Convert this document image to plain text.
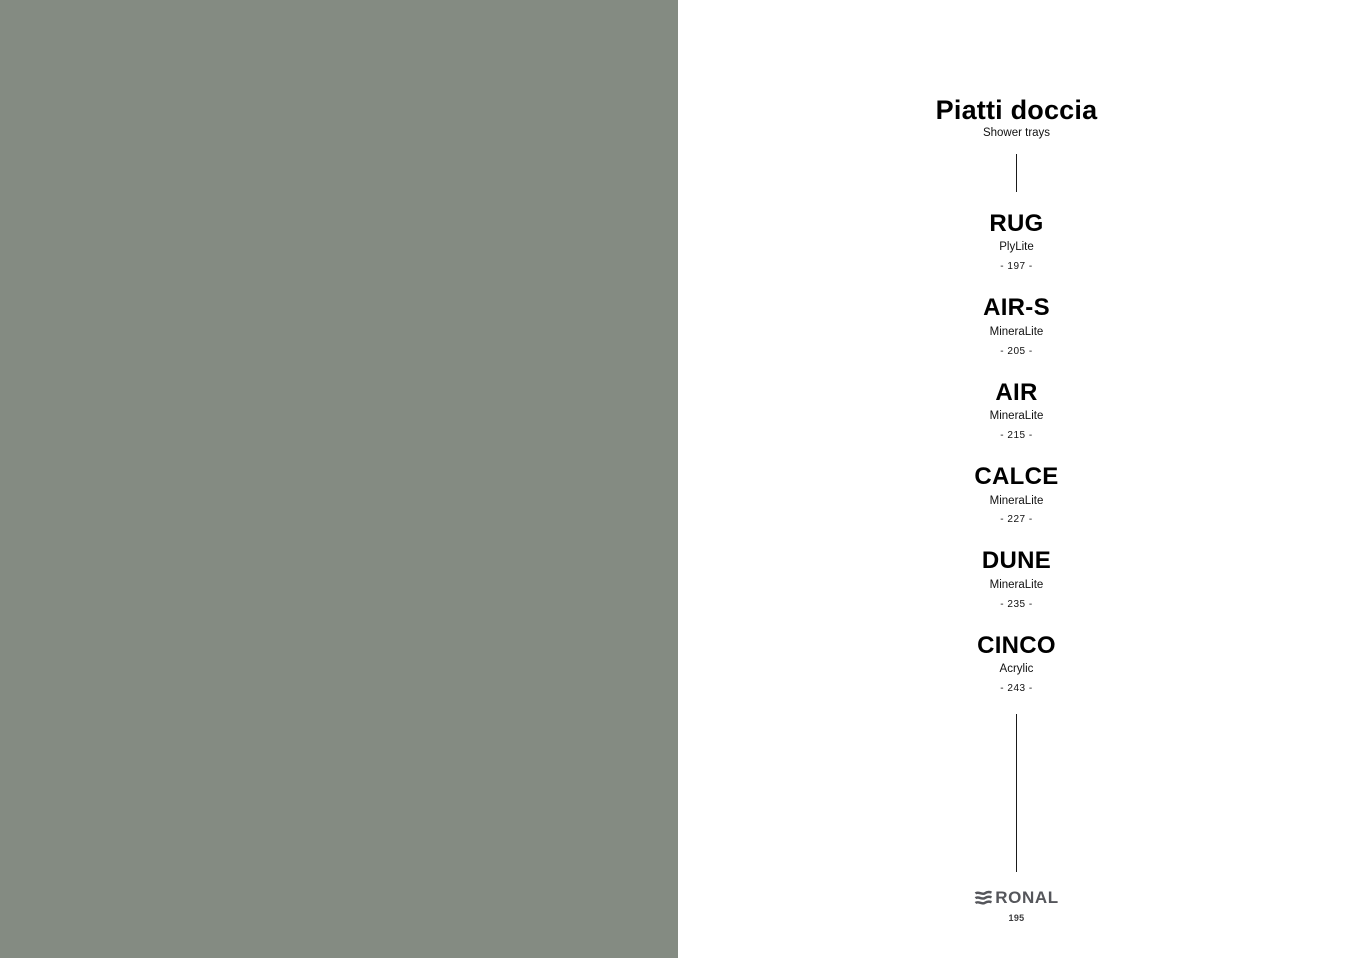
Piatti doccia
Shower trays
RUG
PlyLite
- 197 -
AIR-S
MineraLite
- 205 -
AIR
MineraLite
- 215 -
CALCE
MineraLite
- 227 -
DUNE
MineraLite
- 235 -
CINCO
Acrylic
- 243 -
RONAL
195
